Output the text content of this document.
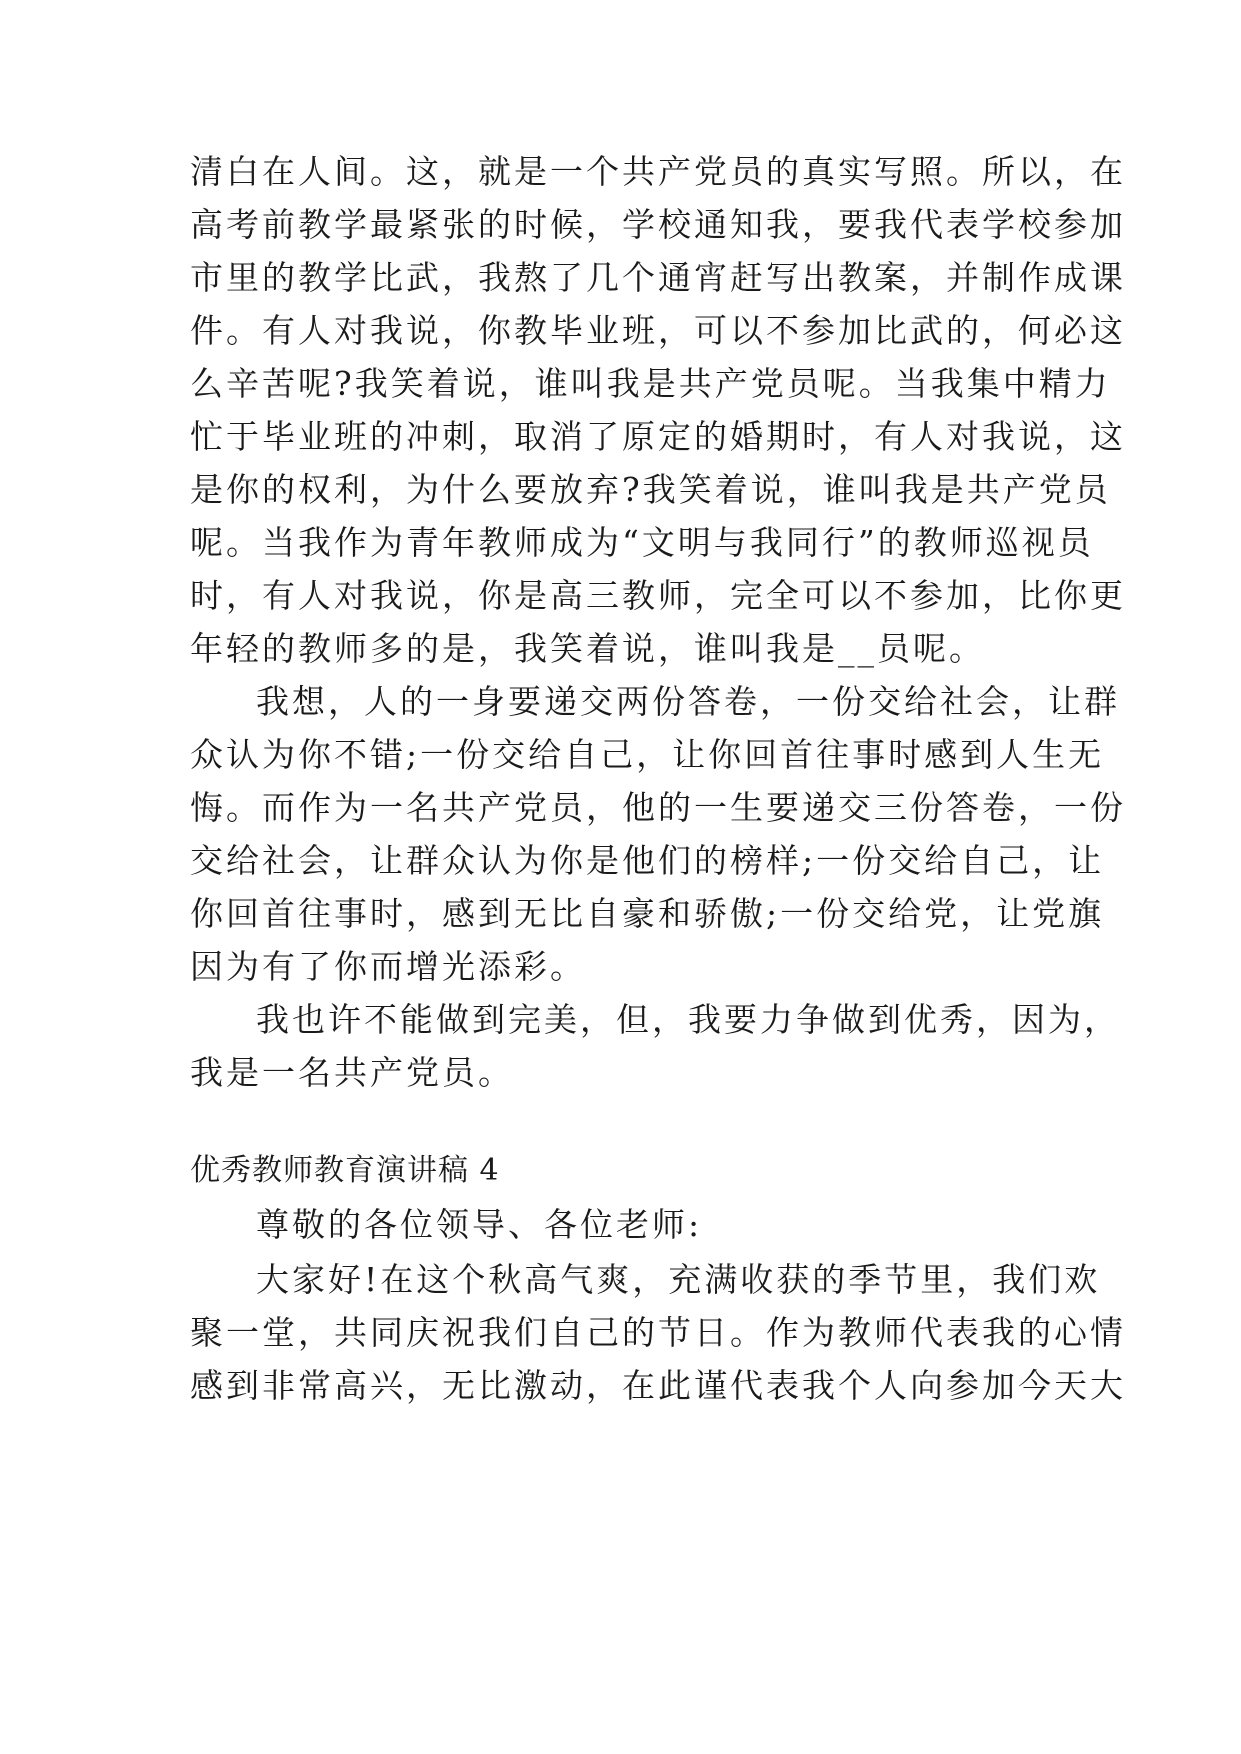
清白在人间。这，就是一个共产党员的真实写照。所以，在
高考前教学最紧张的时候，学校通知我，要我代表学校参加
市里的教学比武，我熬了几个通宵赶写出教案，并制作成课
件。有人对我说，你教毕业班，可以不参加比武的，何必这
么辛苦呢?我笑着说，谁叫我是共产党员呢。当我集中精力
忙于毕业班的冲刺，取消了原定的婚期时，有人对我说，这
是你的权利，为什么要放弃?我笑着说，谁叫我是共产党员
呢。当我作为青年教师成为“文明与我同行”的教师巡视员
时，有人对我说，你是高三教师，完全可以不参加，比你更
年轻的教师多的是，我笑着说，谁叫我是__员呢。
我想，人的一身要递交两份答卷，一份交给社会，让群
众认为你不错;一份交给自己，让你回首往事时感到人生无
悔。而作为一名共产党员，他的一生要递交三份答卷，一份
交给社会，让群众认为你是他们的榜样;一份交给自己，让
你回首往事时，感到无比自豪和骄傲;一份交给党，让党旗
因为有了你而增光添彩。
我也许不能做到完美，但，我要力争做到优秀，因为，
我是一名共产党员。
优秀教师教育演讲稿 4
尊敬的各位领导、各位老师:
大家好!在这个秋高气爽，充满收获的季节里，我们欢
聚一堂，共同庆祝我们自己的节日。作为教师代表我的心情
感到非常高兴，无比激动，在此谨代表我个人向参加今天大
